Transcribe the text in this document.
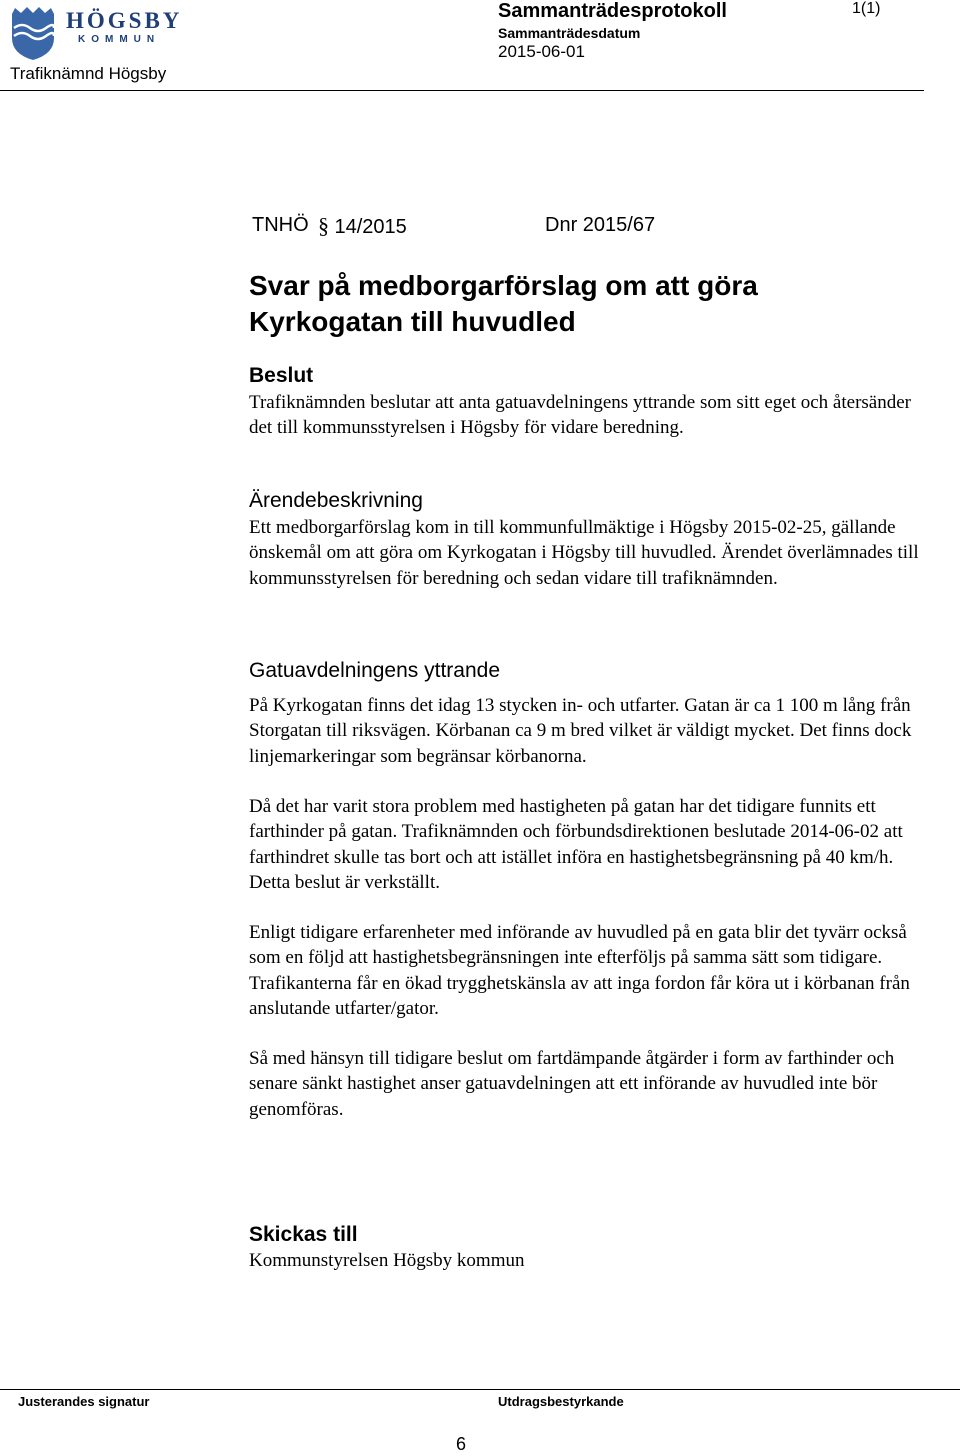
HÖGSBY
KOMMUN
Trafiknämnd Högsby
Sammanträdesprotokoll
Sammanträdesdatum
2015-06-01
1(1)
TNHÖ § 14/2015	Dnr 2015/67
Svar på medborgarförslag om att göra Kyrkogatan till huvudled
Beslut

Trafiknämnden beslutar att anta gatuavdelningens yttrande som sitt eget och återsänder det till kommunsstyrelsen i Högsby för vidare beredning.

Ärendebeskrivning

Ett medborgarförslag kom in till kommunfullmäktige i Högsby 2015-02-25, gällande önskemål om att göra om Kyrkogatan i Högsby till huvudled. Ärendet överlämnades till kommunsstyrelsen för beredning och sedan vidare till trafiknämnden.

Gatuavdelningens yttrande

På Kyrkogatan finns det idag 13 stycken in- och utfarter. Gatan är ca 1 100 m lång från Storgatan till riksvägen. Körbanan ca 9 m bred vilket är väldigt mycket. Det finns dock linjemarkeringar som begränsar körbanorna.

Då det har varit stora problem med hastigheten på gatan har det tidigare funnits ett farthinder på gatan. Trafiknämnden och förbundsdirektionen beslutade 2014-06-02 att farthindret skulle tas bort och att istället införa en hastighetsbegränsning på 40 km/h. Detta beslut är verkställt.

Enligt tidigare erfarenheter med införande av huvudled på en gata blir det tyvärr också som en följd att hastighetsbegränsningen inte efterföljs på samma sätt som tidigare. Trafikanterna får en ökad trygghetskänsla av att inga fordon får köra ut i körbanan från anslutande utfarter/gator.

Så med hänsyn till tidigare beslut om fartdämpande åtgärder i form av farthinder och senare sänkt hastighet anser gatuavdelningen att ett införande av huvudled inte bör genomföras.

Skickas till

Kommunstyrelsen Högsby kommun

Justerandes signatur	Utdragsbestyrkande
6
